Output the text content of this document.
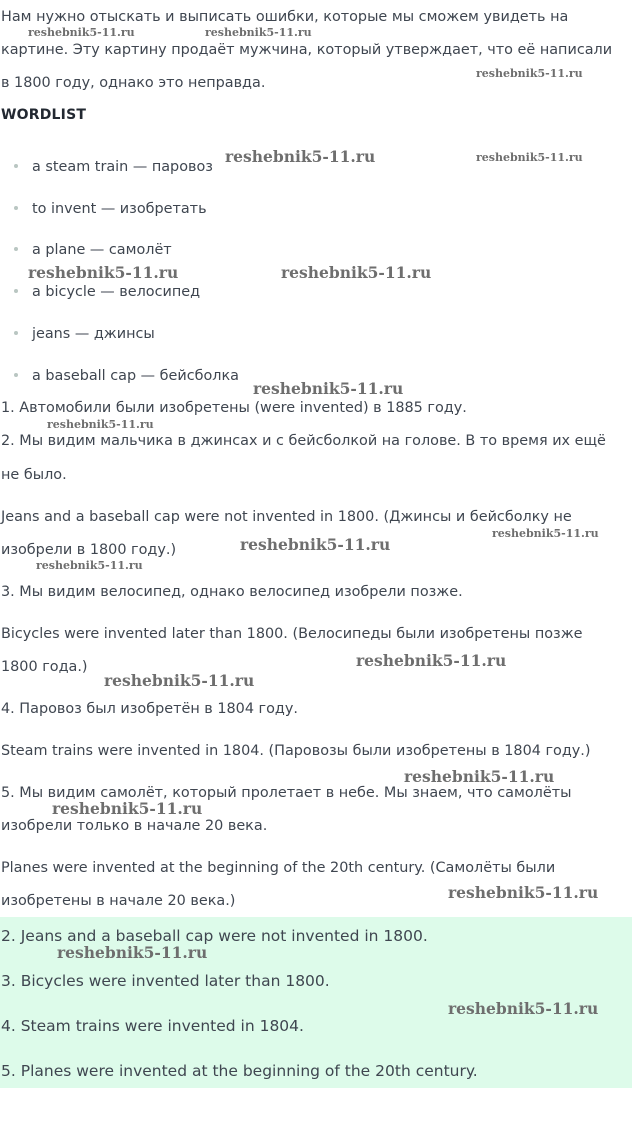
Нам нужно отыскать и выписать ошибки, которые мы сможем увидеть на
картине. Эту картину продаёт мужчина, который утверждает, что её написали
в 1800 году, однако это неправда.
WORDLIST
a steam train — паровоз
to invent — изобретать
a plane — самолёт
a bicycle — велосипед
jeans — джинсы
a baseball cap — бейсболка
1. Автомобили были изобретены (were invented) в 1885 году.
2. Мы видим мальчика в джинсах и с бейсболкой на голове. В то время их ещё
не было.
Jeans and a baseball cap were not invented in 1800. (Джинсы и бейсболку не
изобрели в 1800 году.)
3. Мы видим велосипед, однако велосипед изобрели позже.
Bicycles were invented later than 1800. (Велосипеды были изобретены позже
1800 года.)
4. Паровоз был изобретён в 1804 году.
Steam trains were invented in 1804. (Паровозы были изобретены в 1804 году.)
5. Мы видим самолёт, который пролетает в небе. Мы знаем, что самолёты
изобрели только в начале 20 века.
Planes were invented at the beginning of the 20th century. (Самолёты были
изобретены в начале 20 века.)
2. Jeans and a baseball cap were not invented in 1800.
3. Bicycles were invented later than 1800.
4. Steam trains were invented in 1804.
5. Planes were invented at the beginning of the 20th century.
reshebnik5-11.ru	reshebnik5-11.ru
reshebnik5-11.ru
reshebnik5-11.ru	reshebnik5-11.ru
reshebnik5-11.ru	reshebnik5-11.ru
reshebnik5-11.ru
reshebnik5-11.ru
reshebnik5-11.ru
reshebnik5-11.ru
reshebnik5-11.ru
reshebnik5-11.ru
reshebnik5-11.ru
reshebnik5-11.ru
reshebnik5-11.ru
reshebnik5-11.ru
reshebnik5-11.ru
reshebnik5-11.ru
